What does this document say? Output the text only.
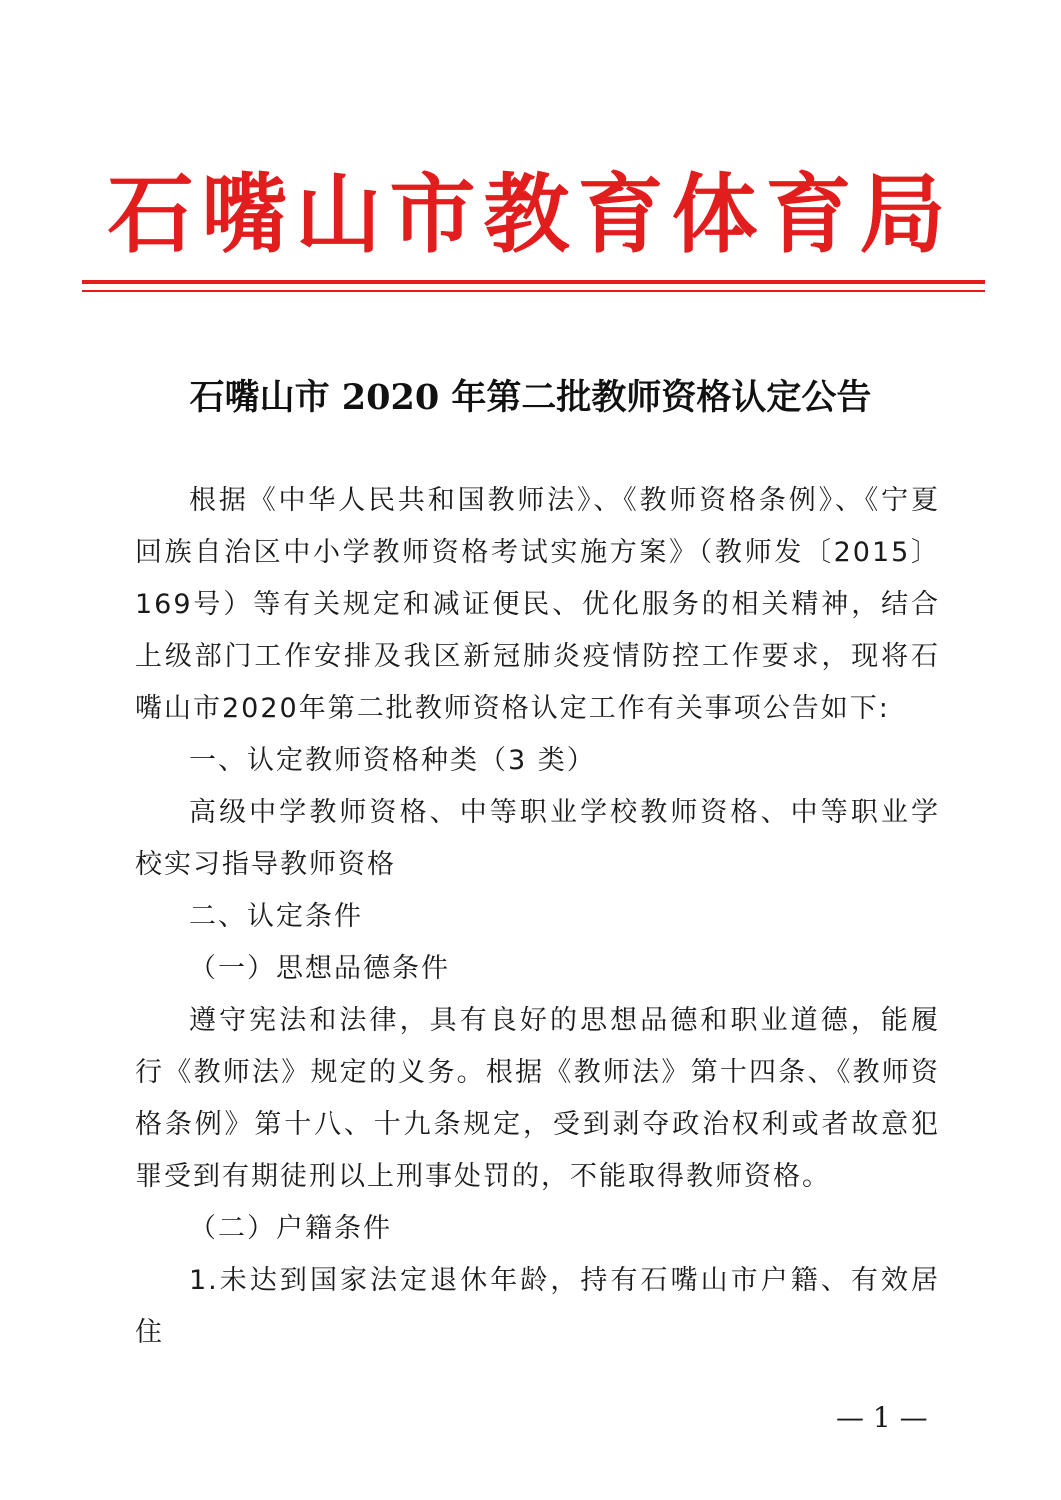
石嘴山市教育体育局
石嘴山市 2020 年第二批教师资格认定公告

根据《中华人民共和国教师法》、《教师资格条例》、《宁夏回族自治区中小学教师资格考试实施方案》（教师发〔2015〕169号）等有关规定和减证便民、优化服务的相关精神，结合上级部门工作安排及我区新冠肺炎疫情防控工作要求，现将石嘴山市2020年第二批教师资格认定工作有关事项公告如下:

一、认定教师资格种类（3 类）

高级中学教师资格、中等职业学校教师资格、中等职业学校实习指导教师资格

二、认定条件

（一）思想品德条件

遵守宪法和法律，具有良好的思想品德和职业道德，能履行《教师法》规定的义务。根据《教师法》第十四条、《教师资格条例》第十八、十九条规定，受到剥夺政治权利或者故意犯罪受到有期徒刑以上刑事处罚的，不能取得教师资格。

（二）户籍条件

1.未达到国家法定退休年龄，持有石嘴山市户籍、有效居住

— 1 —
